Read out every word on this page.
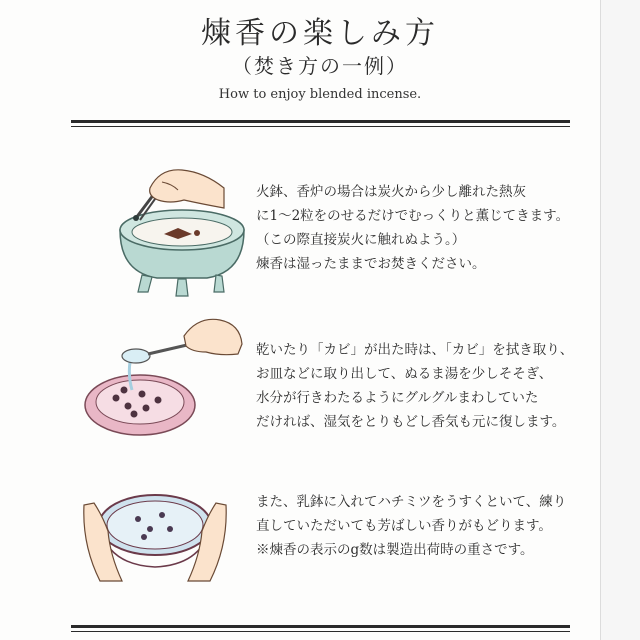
煉香の楽しみ方
（焚き方の一例）
How to enjoy blended incense.
火鉢、香炉の場合は炭火から少し離れた熱灰
に1～2粒をのせるだけでむっくりと薫じてきます。
（この際直接炭火に触れぬよう。）
煉香は湿ったままでお焚きください。
乾いたり「カビ」が出た時は、「カビ」を拭き取り、
お皿などに取り出して、ぬるま湯を少しそそぎ、
水分が行きわたるようにグルグルまわしていた
だければ、湿気をとりもどし香気も元に復します。
また、乳鉢に入れてハチミツをうすくといて、練り
直していただいても芳ばしい香りがもどります。
※煉香の表示のg数は製造出荷時の重さです。
